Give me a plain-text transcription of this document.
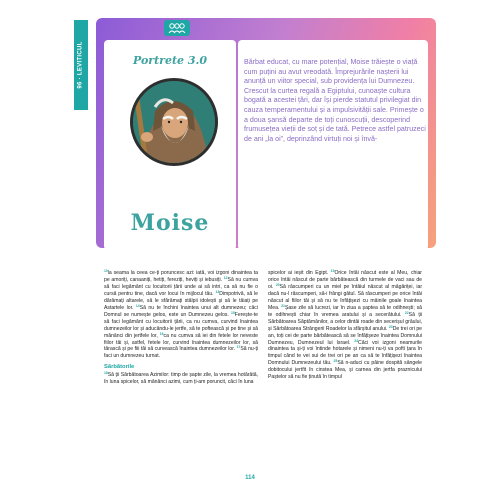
96 · LEVITICUL	Portrete 3.0
Moise
Bărbat educat, cu mare potențial, Moise trăiește o viață cum puțini au avut vreodată. Împrejurările nașterii lui anunță un viitor special, sub providența lui Dumnezeu. Crescut la curtea regală a Egiptului, cunoaște cultura bogată a acestei țări, dar își pierde statutul privilegiat din cauza temperamentului și a impulsivității sale. Primește o a doua șansă departe de toți cunoscuții, descoperind frumusețea vieții de soț și de tată. Petrece astfel patruzeci de ani „la oi”, deprinzând virtuți noi și învă-

$^{10}$la seama la ceea ce-ți poruncesc azi: iată, voi izgoni dinaintea ta pe amoriți, canaaniți, hetiți, fereziți, heviți și iebusiți. $^{12}$Să nu cumva să faci legământ cu locuitorii țării unde ai să intri, ca să nu fie o cursă pentru tine, dacă vor locui în mijlocul tău. $^{13}$Dimpotrivă, să le dărâmați altarele, să le sfărâmați stâlpii idolești și să le tăiați pe Astartele lor. $^{14}$Să nu te închini înaintea unui alt dumnezeu; căci Domnul se numește gelos, este un Dumnezeu gelos. $^{15}$Ferește-te să faci legământ cu locuitorii țării, ca nu cumva, curvind înaintea dumnezeilor lor și aducându-le jertfe, să te poftească și pe tine și să mănânci din jertfele lor, $^{16}$ca nu cumva să iei din fetele lor neveste fiilor tăi și, astfel, fetele lor, curvind înaintea dumnezeilor lor, să tărască și pe fiii tăi să curvească înaintea dumnezeilor lor. $^{17}$Să nu-ți faci un dumnezeu turnat.

Sărbătorile

$^{18}$Să ții Sărbătoarea Azimilor: timp de șapte zile, la vremea hotărâtă, în luna spicelor, să mănânci azimi, cum ți-am poruncit, căci în luna

spicelor ai ieșit din Egipt. $^{19}$Orice întâi născut este al Meu, chiar orice întâi născut de parte bărbătească din turmele de vaci sau de oi. $^{20}$Să răscumperi cu un miel pe întâiul născut al măgăriței, iar dacă nu-l răscumperi, să-i frângi gâtul. Să răscumperi pe orice întâi născut al fiilor tăi și să nu te înfățișezi cu mâinile goale înaintea Mea. $^{21}$Șase zile să lucrezi, iar în ziua a șaptea să te odihnești; să te odihnești chiar în vremea aratului și a secerătului. $^{22}$Să ții Sărbătoarea Săptămânilor, a celor dintâi roade din secerișul grâului, și Sărbătoarea Strângerii Roadelor la sfârșitul anului. $^{23}$De trei ori pe an, toți cei de parte bărbătească să se înfățișeze înaintea Domnului Dumnezeu, Dumnezeul lui Israel. $^{24}$Căci voi izgoni neamurile dinaintea ta și-ți voi întinde hotarele și nimeni nu-ți va pofti țara în timpul când te vei sui de trei ori pe an ca să te înfățișezi înaintea Domnului Dumnezeului tău. $^{25}$Să n-aduci cu pâine dospită sângele dobitocului jertfit în cinstea Mea, și carnea din jertfa praznicului Paștelor să nu fie ținută în timpul

114
